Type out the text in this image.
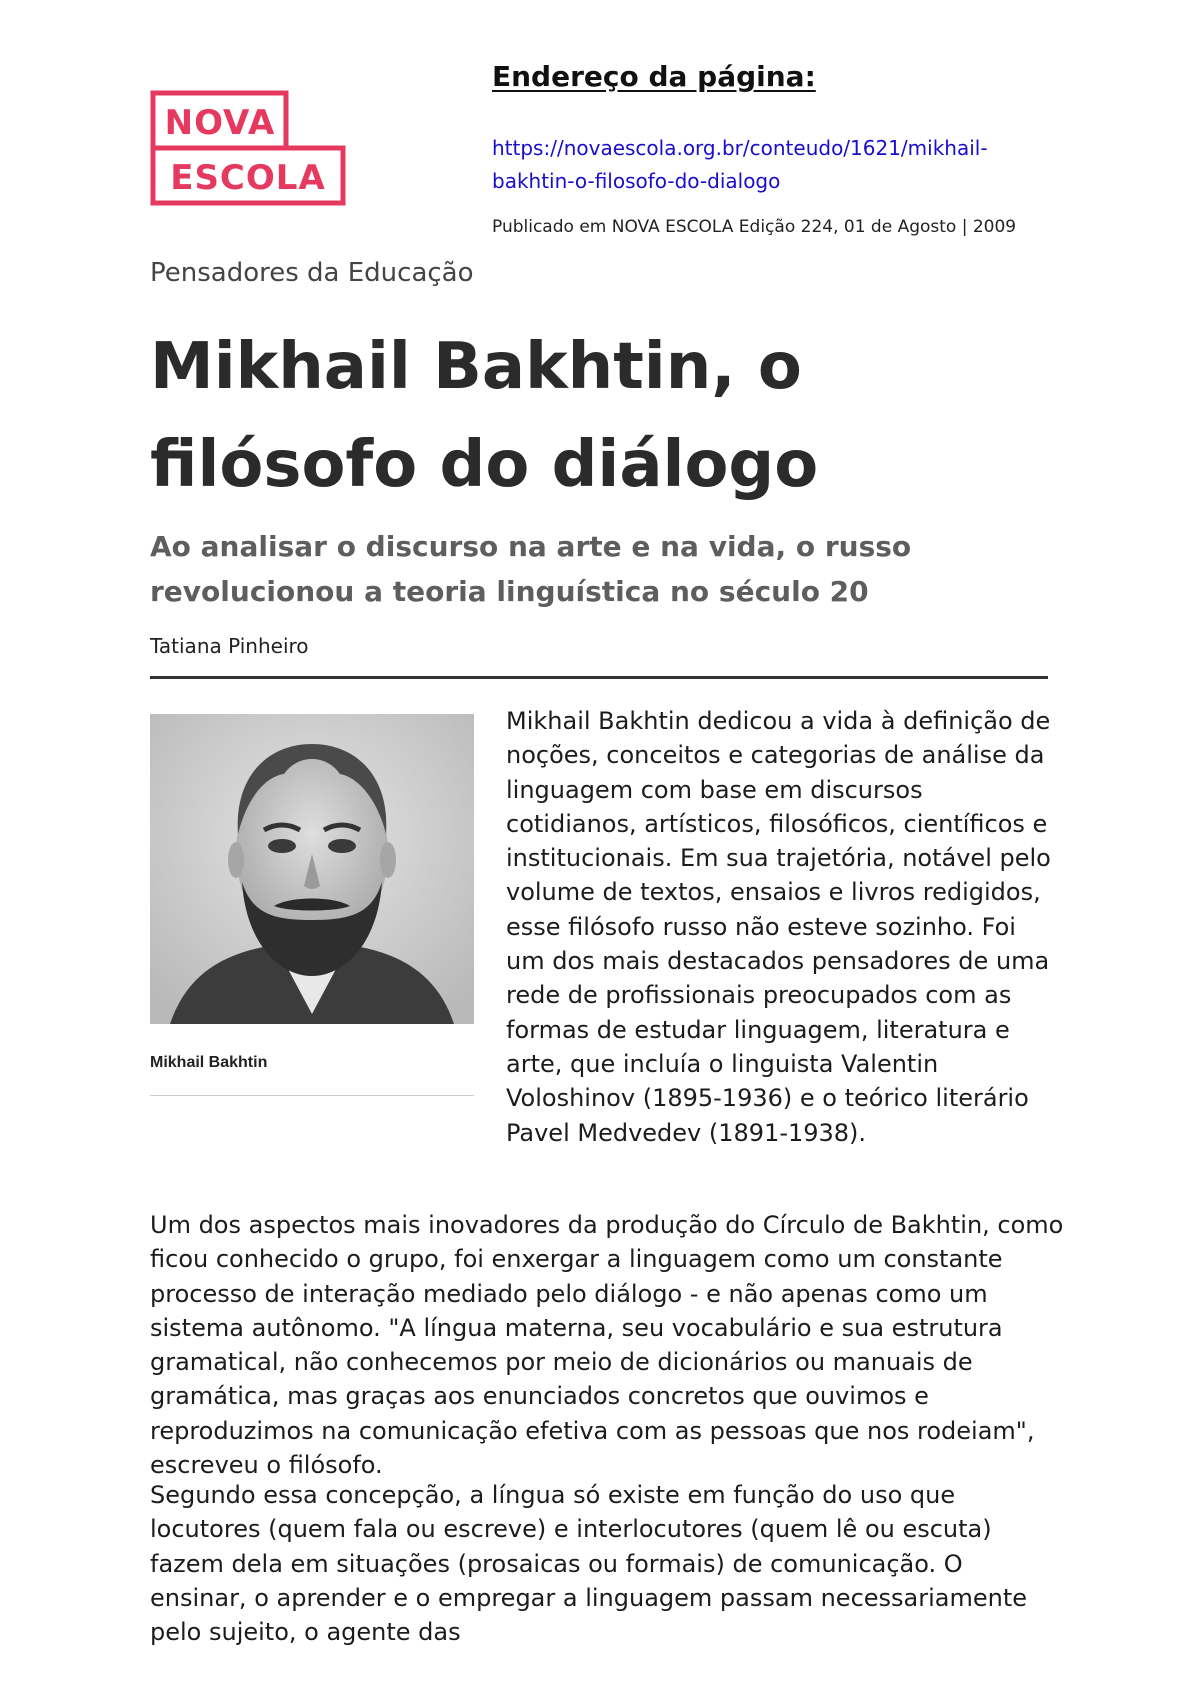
NOVA
ESCOLA
Endereço da página:
https://novaescola.org.br/conteudo/1621/mikhail-bakhtin-o-filosofo-do-dialogo
Publicado em NOVA ESCOLA Edição 224, 01 de Agosto | 2009
Pensadores da Educação
Mikhail Bakhtin, o filósofo do diálogo
Ao analisar o discurso na arte e na vida, o russo revolucionou a teoria linguística no século 20
Tatiana Pinheiro
Mikhail Bakhtin

Mikhail Bakhtin dedicou a vida à definição de noções, conceitos e categorias de análise da linguagem com base em discursos cotidianos, artísticos, filosóficos, científicos e institucionais. Em sua trajetória, notável pelo volume de textos, ensaios e livros redigidos, esse filósofo russo não esteve sozinho. Foi um dos mais destacados pensadores de uma rede de profissionais preocupados com as formas de estudar linguagem, literatura e arte, que incluía o linguista Valentin Voloshinov (1895-1936) e o teórico literário Pavel Medvedev (1891-1938).

Um dos aspectos mais inovadores da produção do Círculo de Bakhtin, como ficou conhecido o grupo, foi enxergar a linguagem como um constante processo de interação mediado pelo diálogo - e não apenas como um sistema autônomo. "A língua materna, seu vocabulário e sua estrutura gramatical, não conhecemos por meio de dicionários ou manuais de gramática, mas graças aos enunciados concretos que ouvimos e reproduzimos na comunicação efetiva com as pessoas que nos rodeiam", escreveu o filósofo.

Segundo essa concepção, a língua só existe em função do uso que locutores (quem fala ou escreve) e interlocutores (quem lê ou escuta) fazem dela em situações (prosaicas ou formais) de comunicação. O ensinar, o aprender e o empregar a linguagem passam necessariamente pelo sujeito, o agente das
